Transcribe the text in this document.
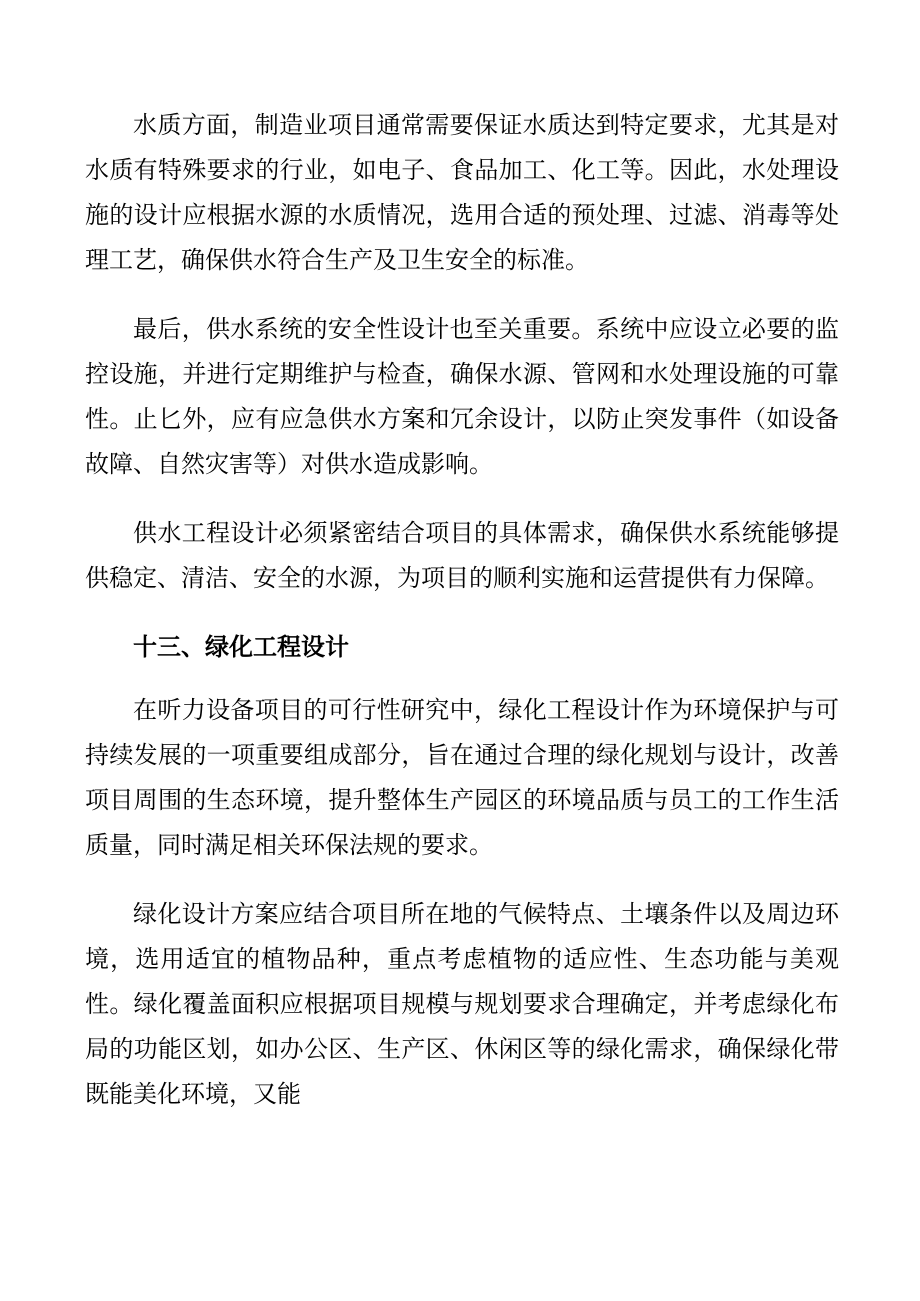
水质方面，制造业项目通常需要保证水质达到特定要求，尤其是对水质有特殊要求的行业，如电子、食品加工、化工等。因此，水处理设施的设计应根据水源的水质情况，选用合适的预处理、过滤、消毒等处理工艺，确保供水符合生产及卫生安全的标准。

最后，供水系统的安全性设计也至关重要。系统中应设立必要的监控设施，并进行定期维护与检查，确保水源、管网和水处理设施的可靠性。止匕外，应有应急供水方案和冗余设计，以防止突发事件（如设备故障、自然灾害等）对供水造成影响。

供水工程设计必须紧密结合项目的具体需求，确保供水系统能够提供稳定、清洁、安全的水源，为项目的顺利实施和运营提供有力保障。

十三、绿化工程设计

在听力设备项目的可行性研究中，绿化工程设计作为环境保护与可持续发展的一项重要组成部分，旨在通过合理的绿化规划与设计，改善项目周围的生态环境，提升整体生产园区的环境品质与员工的工作生活质量，同时满足相关环保法规的要求。

绿化设计方案应结合项目所在地的气候特点、土壤条件以及周边环境，选用适宜的植物品种，重点考虑植物的适应性、生态功能与美观性。绿化覆盖面积应根据项目规模与规划要求合理确定，并考虑绿化布局的功能区划，如办公区、生产区、休闲区等的绿化需求，确保绿化带既能美化环境，又能
